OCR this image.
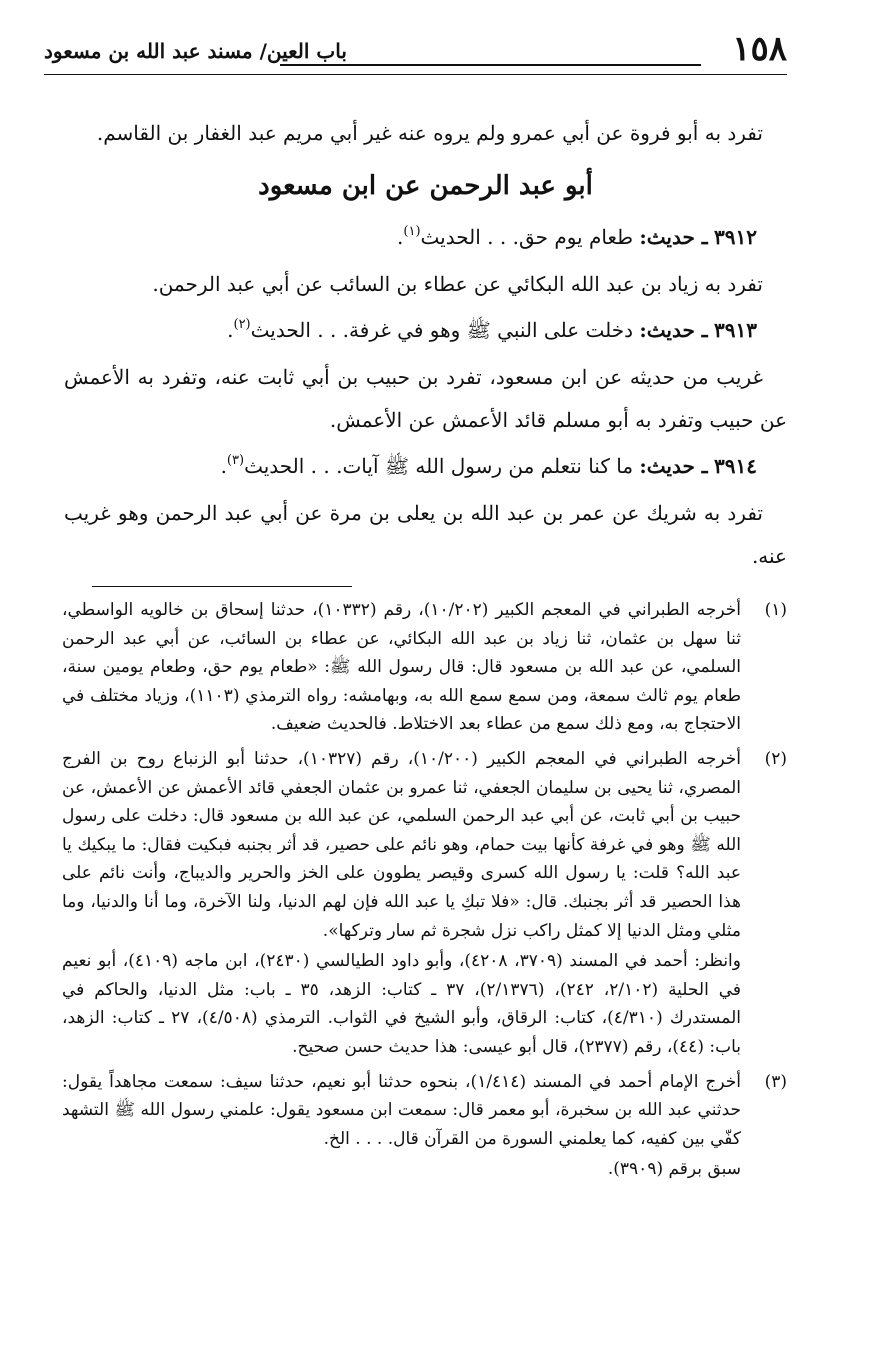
١٥٨
باب العين/ مسند عبد الله بن مسعود

تفرد به أبو فروة عن أبي عمرو ولم يروه عنه غير أبي مريم عبد الغفار بن القاسم.

أبو عبد الرحمن عن ابن مسعود

٣٩١٢ ـ حديث: طعام يوم حق. . . الحديث$^{(١)}$.

تفرد به زياد بن عبد الله البكائي عن عطاء بن السائب عن أبي عبد الرحمن.

٣٩١٣ ـ حديث: دخلت على النبي ﷺ وهو في غرفة. . . الحديث$^{(٢)}$.

غريب من حديثه عن ابن مسعود، تفرد بن حبيب بن أبي ثابت عنه، وتفرد به الأعمش عن حبيب وتفرد به أبو مسلم قائد الأعمش عن الأعمش.

٣٩١٤ ـ حديث: ما كنا نتعلم من رسول الله ﷺ آيات. . . الحديث$^{(٣)}$.

تفرد به شريك عن عمر بن عبد الله بن يعلى بن مرة عن أبي عبد الرحمن وهو غريب عنه.

(١)

أخرجه الطبراني في المعجم الكبير (١٠/٢٠٢)، رقم (١٠٣٣٢)، حدثنا إسحاق بن خالويه الواسطي، ثنا سهل بن عثمان، ثنا زياد بن عبد الله البكائي، عن عطاء بن السائب، عن أبي عبد الرحمن السلمي، عن عبد الله بن مسعود قال: قال رسول الله ﷺ: «طعام يوم حق، وطعام يومين سنة، طعام يوم ثالث سمعة، ومن سمع سمع الله به، وبهامشه: رواه الترمذي (١١٠٣)، وزياد مختلف في الاحتجاج به، ومع ذلك سمع من عطاء بعد الاختلاط. فالحديث ضعيف.

(٢)

أخرجه الطبراني في المعجم الكبير (١٠/٢٠٠)، رقم (١٠٣٢٧)، حدثنا أبو الزنباع روح بن الفرج المصري، ثنا يحيى بن سليمان الجعفي، ثنا عمرو بن عثمان الجعفي قائد الأعمش عن الأعمش، عن حبيب بن أبي ثابت، عن أبي عبد الرحمن السلمي، عن عبد الله بن مسعود قال: دخلت على رسول الله ﷺ وهو في غرفة كأنها بيت حمام، وهو نائم على حصير، قد أثر بجنبه فبكيت فقال: ما يبكيك يا عبد الله؟ قلت: يا رسول الله كسرى وقيصر يطوون على الخز والحرير والديباج، وأنت نائم على هذا الحصير قد أثر بجنبك. قال: «فلا تبكِ يا عبد الله فإن لهم الدنيا، ولنا الآخرة، وما أنا والدنيا، وما مثلي ومثل الدنيا إلا كمثل راكب نزل شجرة ثم سار وتركها».

وانظر: أحمد في المسند (٣٧٠٩، ٤٢٠٨)، وأبو داود الطيالسي (٢٤٣٠)، ابن ماجه (٤١٠٩)، أبو نعيم في الحلية (٢/١٠٢، ٢٤٢)، (٢/١٣٧٦)، ٣٧ ـ كتاب: الزهد، ٣٥ ـ باب: مثل الدنيا، والحاكم في المستدرك (٤/٣١٠)، كتاب: الرقاق، وأبو الشيخ في الثواب. الترمذي (٤/٥٠٨)، ٢٧ ـ كتاب: الزهد، باب: (٤٤)، رقم (٢٣٧٧)، قال أبو عيسى: هذا حديث حسن صحيح.

(٣)

أخرج الإمام أحمد في المسند (١/٤١٤)، بنحوه حدثنا أبو نعيم، حدثنا سيف: سمعت مجاهداً يقول: حدثني عبد الله بن سخبرة، أبو معمر قال: سمعت ابن مسعود يقول: علمني رسول الله ﷺ التشهد كفّي بين كفيه، كما يعلمني السورة من القرآن قال. . . . الخ.

سبق برقم (٣٩٠٩).
